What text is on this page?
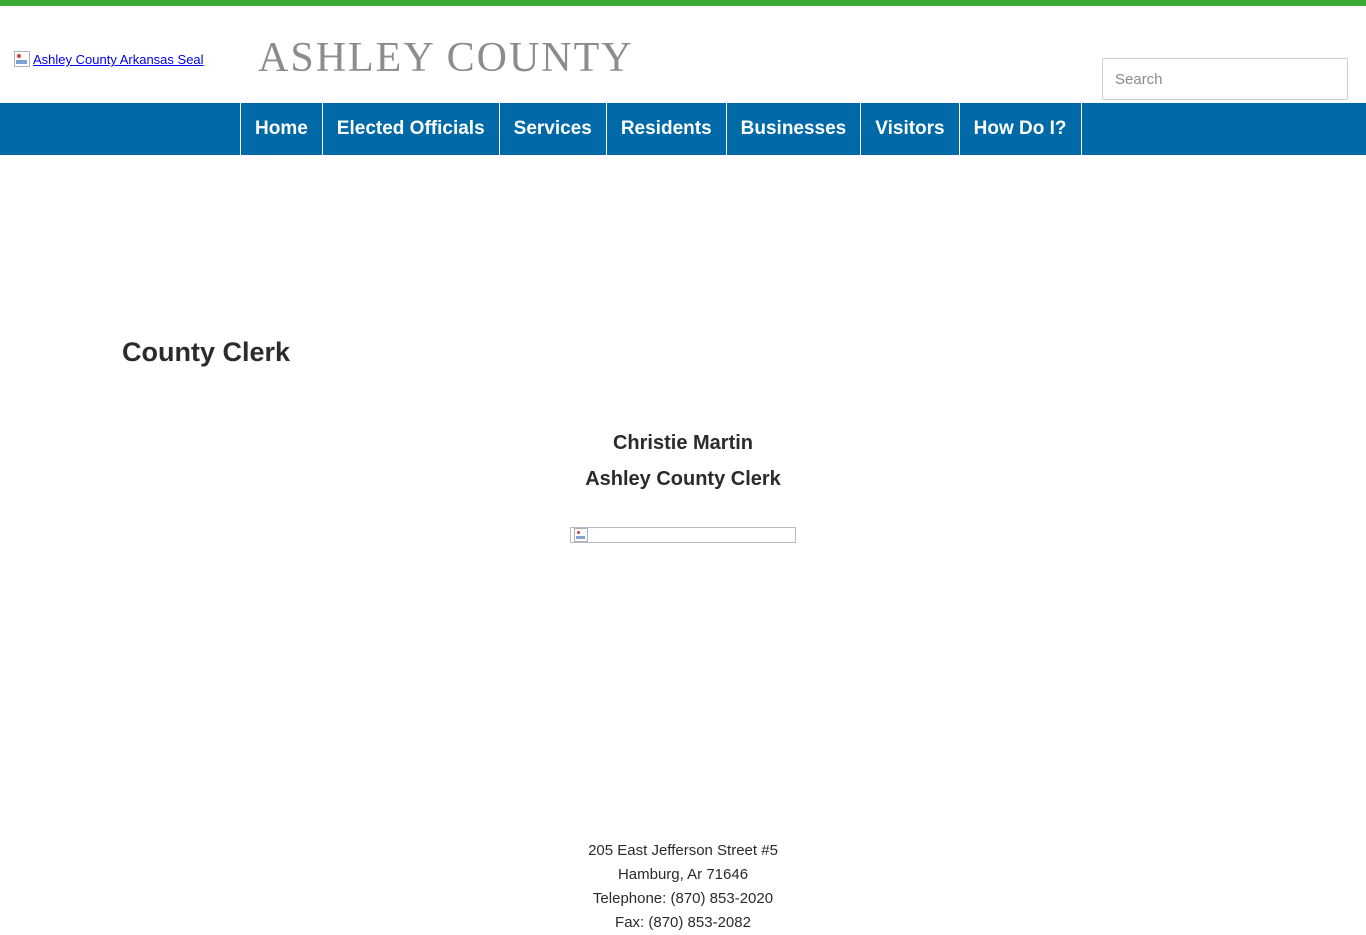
Ashley County Arkansas Seal ASHLEY COUNTY
Search
Home	Elected Officials	Services	Residents	Businesses	Visitors	How Do I?
County Clerk
Christie Martin
Ashley County Clerk
205 East Jefferson Street #5
Hamburg, Ar 71646
Telephone: (870) 853-2020
Fax: (870) 853-2082
